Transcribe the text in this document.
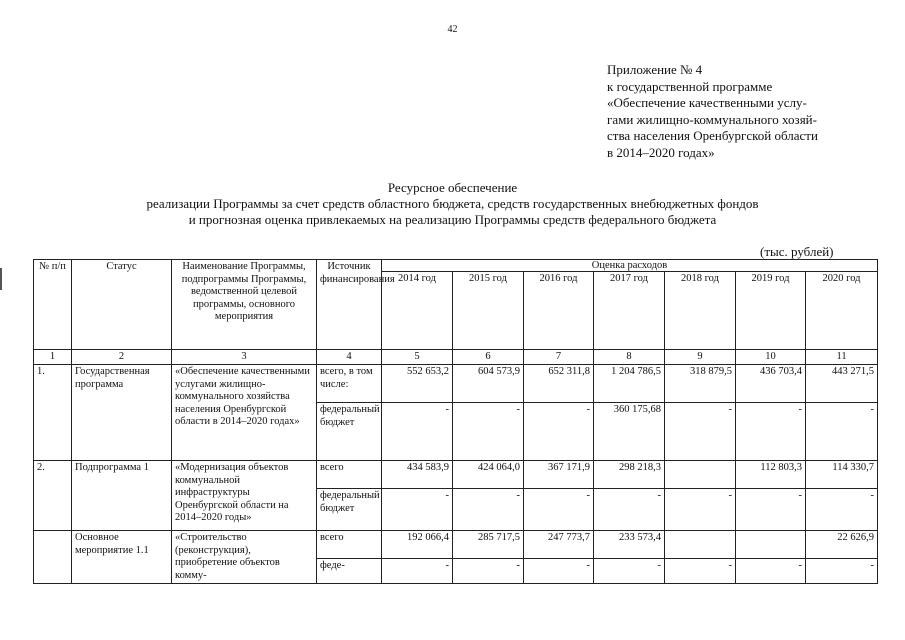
42
Приложение № 4
к государственной программе
«Обеспечение качественными услу-
гами жилищно-коммунального хозяй-
ства населения Оренбургской области
в 2014–2020 годах»
Ресурсное обеспечение
реализации Программы за счет средств областного бюджета, средств государственных внебюджетных фондов
и прогнозная оценка привлекаемых на реализацию Программы средств федерального бюджета
(тыс. рублей)
№ п/п	Статус	Наименование Программы, подпрограммы Программы, ведомственной целевой программы, основного мероприятия	Источник финансирования	Оценка расходов						
				2014 год	2015 год	2016 год	2017 год	2018 год	2019 год	2020 год
1	2	3	4	5	6	7	8	9	10	11
1.	Государственная программа	«Обеспечение качественными услугами жилищно-коммунального хозяйства населения Оренбургской области в 2014–2020 годах»	всего, в том числе:	552 653,2	604 573,9	652 311,8	1 204 786,5	318 879,5	436 703,4	443 271,5
			федеральный бюджет	-	-	-	360 175,68	-	-	-
2.	Подпрограмма 1	«Модернизация объектов коммунальной инфраструктуры Оренбургской области на 2014–2020 годы»	всего	434 583,9	424 064,0	367 171,9	298 218,3		112 803,3	114 330,7
			федеральный бюджет	-	-	-	-	-	-	-
	Основное мероприятие 1.1	«Строительство (реконструкция), приобретение объектов комму-	всего	192 066,4	285 717,5	247 773,7	233 573,4			22 626,9
			феде-	-	-	-	-	-	-	-
